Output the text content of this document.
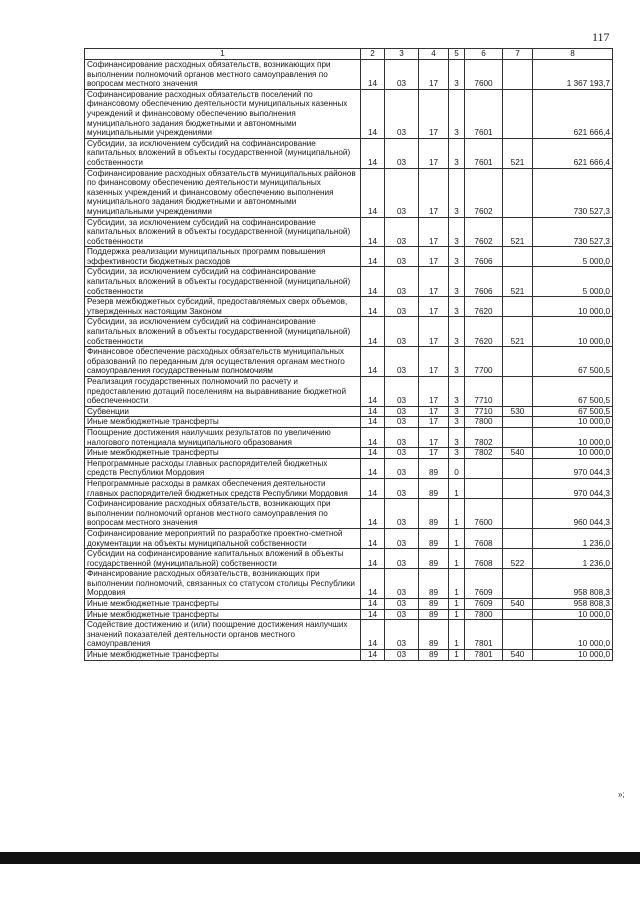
117
1	2	3	4	5	6	7	8
Софинансирование расходных обязательств, возникающих при выполнении полномочий органов местного самоуправления по вопросам местного значения	14	03	17	3	7600		1 367 193,7
Софинансирование расходных обязательств поселений по финансовому обеспечению деятельности муниципальных казенных учреждений и финансовому обеспечению выполнения муниципального задания бюджетными и автономными муниципальными учреждениями	14	03	17	3	7601		621 666,4
Субсидии, за исключением субсидий на софинансирование капитальных вложений в объекты государственной (муниципальной) собственности	14	03	17	3	7601	521	621 666,4
Софинансирование расходных обязательств муниципальных районов по финансовому обеспечению деятельности муниципальных казенных учреждений и финансовому обеспечению выполнения муниципального задания бюджетными и автономными муниципальными учреждениями	14	03	17	3	7602		730 527,3
Субсидии, за исключением субсидий на софинансирование капитальных вложений в объекты государственной (муниципальной) собственности	14	03	17	3	7602	521	730 527,3
Поддержка реализации муниципальных программ повышения эффективности бюджетных расходов	14	03	17	3	7606		5 000,0
Субсидии, за исключением субсидий на софинансирование капитальных вложений в объекты государственной (муниципальной) собственности	14	03	17	3	7606	521	5 000,0
Резерв межбюджетных субсидий, предоставляемых сверх объемов, утвержденных настоящим Законом	14	03	17	3	7620		10 000,0
Субсидии, за исключением субсидий на софинансирование капитальных вложений в объекты государственной (муниципальной) собственности	14	03	17	3	7620	521	10 000,0
Финансовое обеспечение расходных обязательств муниципальных образований по переданным для осуществления органам местного самоуправления государственным полномочиям	14	03	17	3	7700		67 500,5
Реализация государственных полномочий по расчету и предоставлению дотаций поселениям на выравнивание бюджетной обеспеченности	14	03	17	3	7710		67 500,5
Субвенции	14	03	17	3	7710	530	67 500,5
Иные межбюджетные трансферты	14	03	17	3	7800		10 000,0
Поощрение достижения наилучших результатов по увеличению налогового потенциала муниципального образования	14	03	17	3	7802		10 000,0
Иные межбюджетные трансферты	14	03	17	3	7802	540	10 000,0
Непрограммные расходы главных распорядителей бюджетных средств Республики Мордовия	14	03	89	0			970 044,3
Непрограммные расходы в рамках обеспечения деятельности главных распорядителей бюджетных средств Республики Мордовия	14	03	89	1			970 044,3
Софинансирование расходных обязательств, возникающих при выполнении полномочий органов местного самоуправления по вопросам местного значения	14	03	89	1	7600		960 044,3
Софинансирование мероприятий по разработке проектно-сметной документации на объекты муниципальной собственности	14	03	89	1	7608		1 236,0
Субсидии на софинансирование капитальных вложений в объекты государственной (муниципальной) собственности	14	03	89	1	7608	522	1 236,0
Финансирование расходных обязательств, возникающих при выполнении полномочий, связанных со статусом столицы Республики Мордовия	14	03	89	1	7609		958 808,3
Иные межбюджетные трансферты	14	03	89	1	7609	540	958 808,3
Иные межбюджетные трансферты	14	03	89	1	7800		10 000,0
Содействие достижению и (или) поощрение достижения наилучших значений показателей деятельности органов местного самоуправления	14	03	89	1	7801		10 000,0
Иные межбюджетные трансферты	14	03	89	1	7801	540	10 000,0
»;
